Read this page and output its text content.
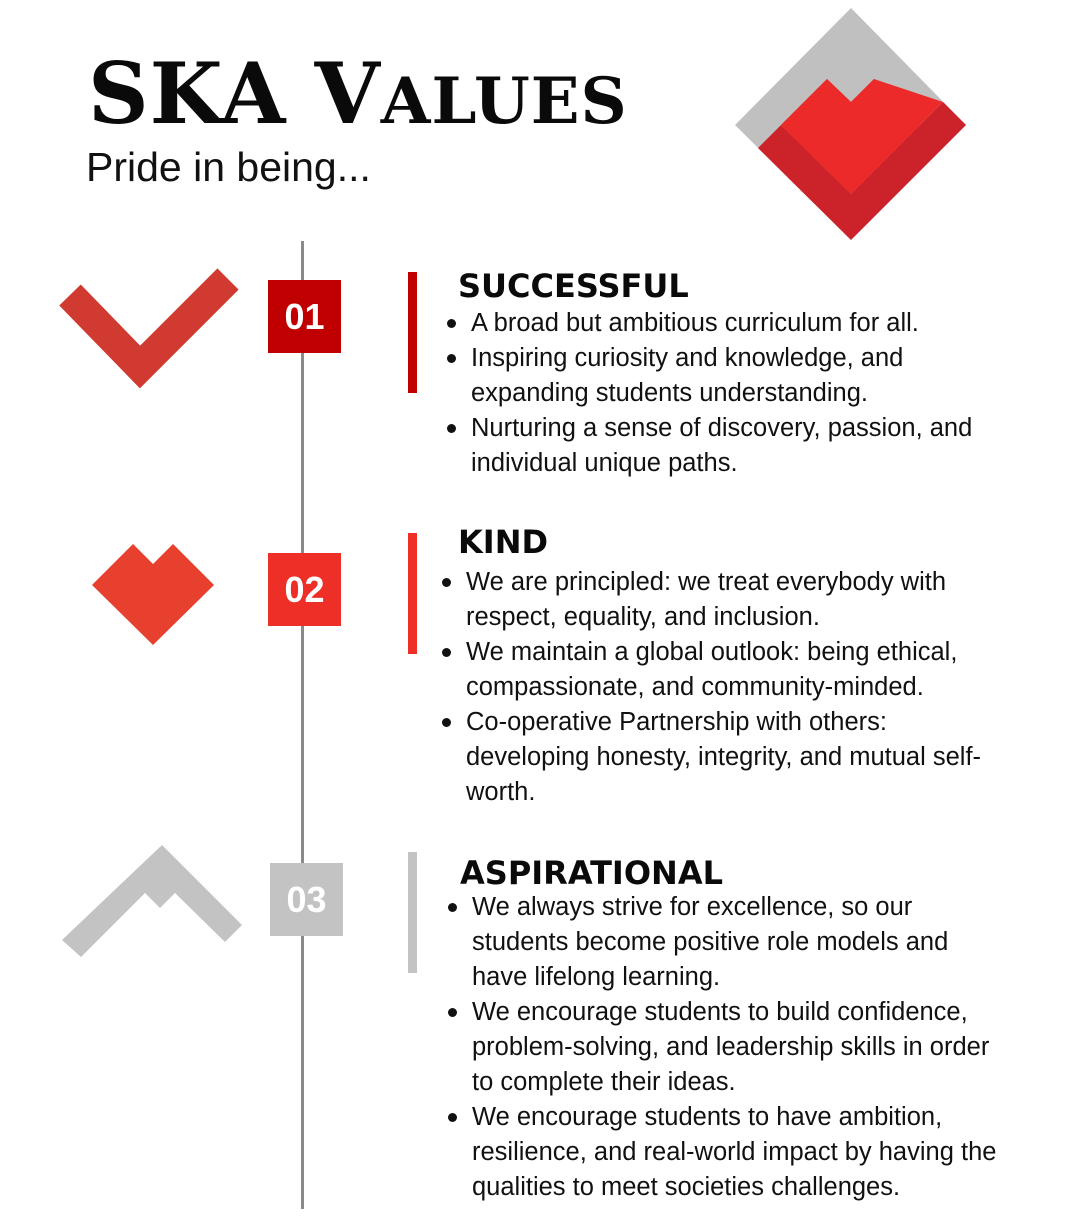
SKA VALUES
Pride in being...
01
SUCCESSFUL
A broad but ambitious curriculum for all.
Inspiring curiosity and knowledge, and expanding students understanding.
Nurturing a sense of discovery, passion, and individual unique paths.
02
KIND
We are principled: we treat everybody with respect, equality, and inclusion.
We maintain a global outlook: being ethical, compassionate, and community-minded.
Co-operative Partnership with others: developing honesty, integrity, and mutual self-worth.
03
ASPIRATIONAL
We always strive for excellence, so our students become positive role models and have lifelong learning.
We encourage students to build confidence, problem-solving, and leadership skills in order to complete their ideas.
We encourage students to have ambition, resilience, and real-world impact by having the qualities to meet societies challenges.
